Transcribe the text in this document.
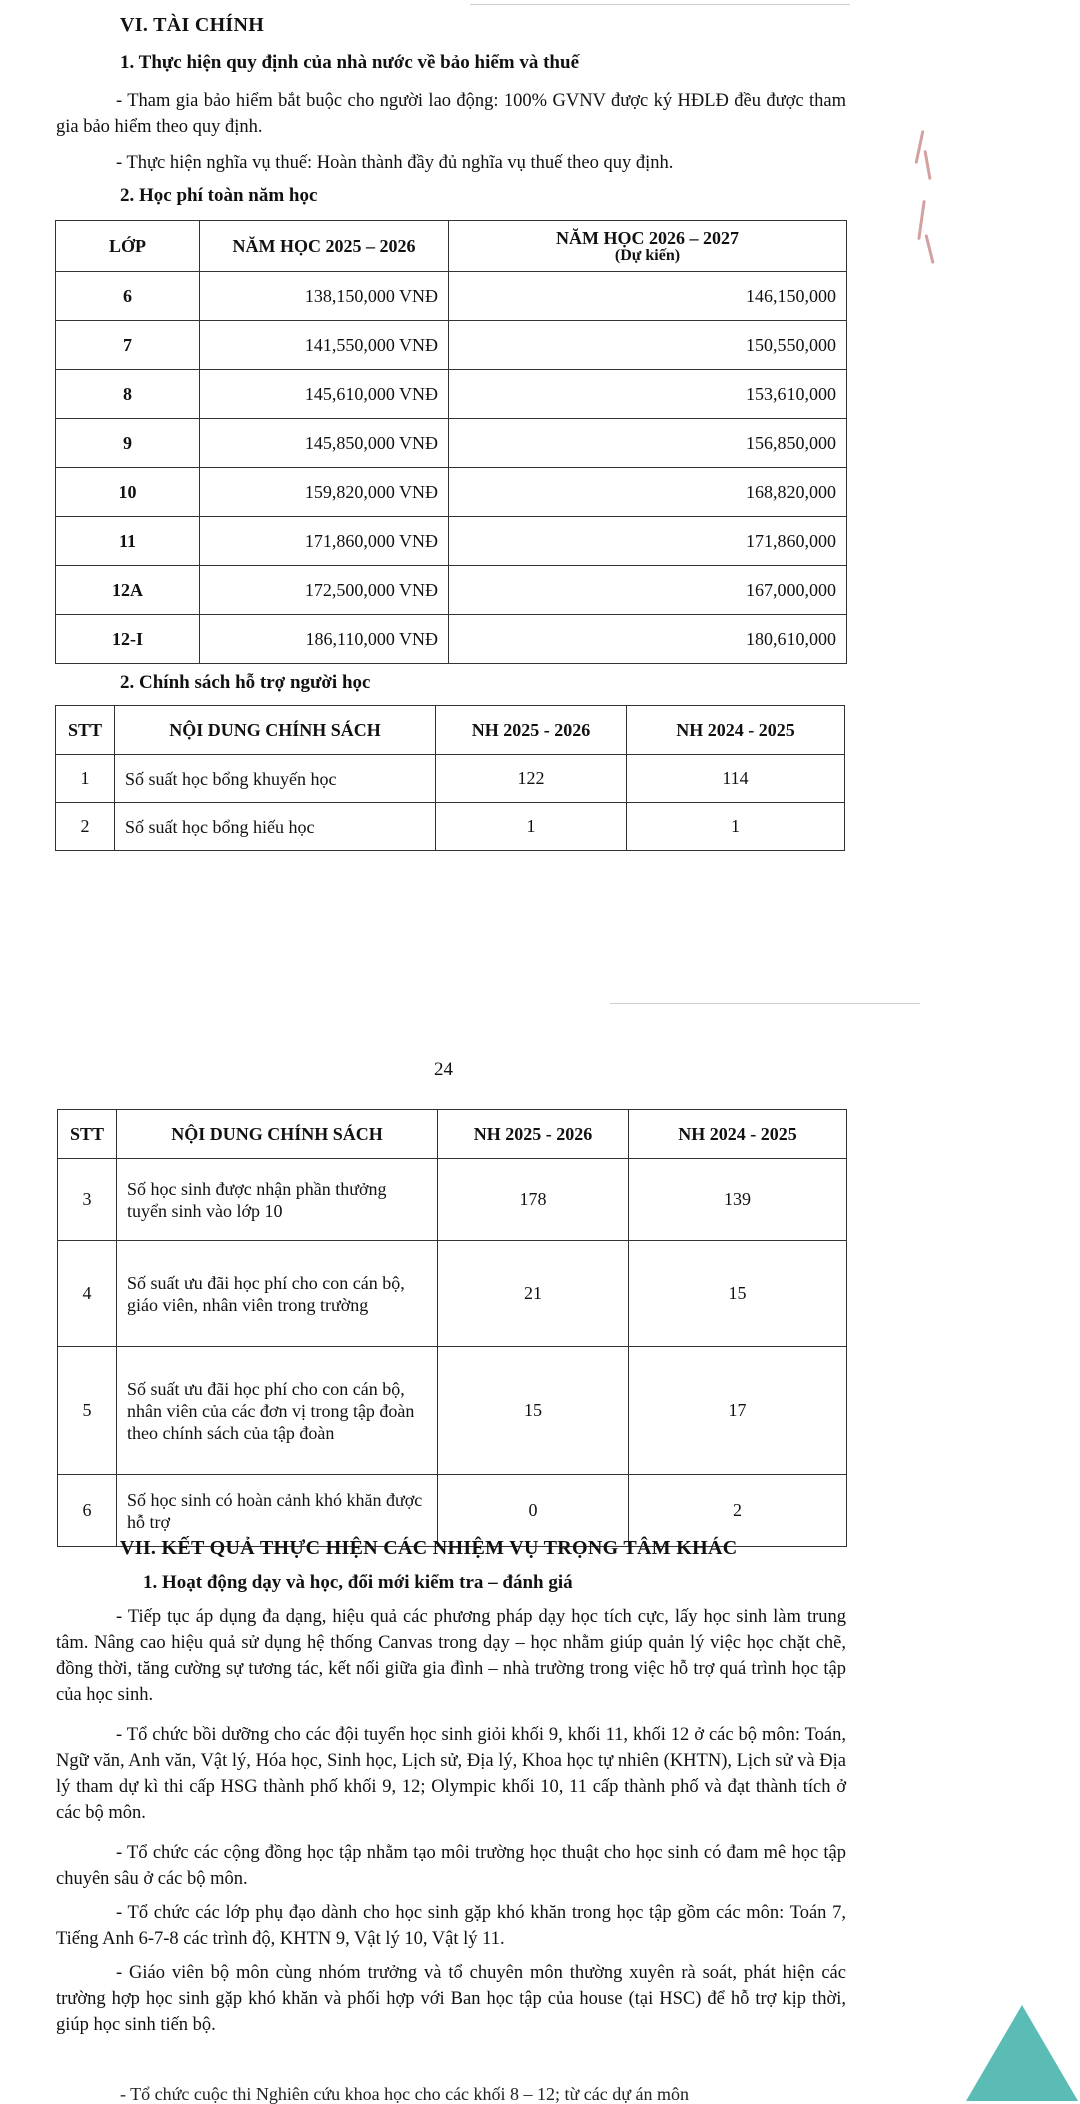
VI. TÀI CHÍNH
1. Thực hiện quy định của nhà nước về bảo hiểm và thuế
- Tham gia bảo hiểm bắt buộc cho người lao động: 100% GVNV được ký HĐLĐ đều được tham gia bảo hiểm theo quy định.
- Thực hiện nghĩa vụ thuế: Hoàn thành đầy đủ nghĩa vụ thuế theo quy định.
2. Học phí toàn năm học
LỚP	NĂM HỌC 2025 – 2026	NĂM HỌC 2026 – 2027
(Dự kiến)

6	138,150,000 VNĐ	146,150,000
7	141,550,000 VNĐ	150,550,000
8	145,610,000 VNĐ	153,610,000
9	145,850,000 VNĐ	156,850,000
10	159,820,000 VNĐ	168,820,000
11	171,860,000 VNĐ	171,860,000
12A	172,500,000 VNĐ	167,000,000
12-I	186,110,000 VNĐ	180,610,000
2. Chính sách hỗ trợ người học
STT	NỘI DUNG CHÍNH SÁCH	NH 2025 - 2026	NH 2024 - 2025
1	Số suất học bổng khuyến học	122	114
2	Số suất học bổng hiếu học	1	1
24
STT	NỘI DUNG CHÍNH SÁCH	NH 2025 - 2026	NH 2024 - 2025
3	Số học sinh được nhận phần thưởng tuyển sinh vào lớp 10	178	139
4	Số suất ưu đãi học phí cho con cán bộ, giáo viên, nhân viên trong trường	21	15
5	Số suất ưu đãi học phí cho con cán bộ, nhân viên của các đơn vị trong tập đoàn theo chính sách của tập đoàn	15	17
6	Số học sinh có hoàn cảnh khó khăn được hỗ trợ	0	2
VII. KẾT QUẢ THỰC HIỆN CÁC NHIỆM VỤ TRỌNG TÂM KHÁC
1. Hoạt động dạy và học, đổi mới kiểm tra – đánh giá
- Tiếp tục áp dụng đa dạng, hiệu quả các phương pháp dạy học tích cực, lấy học sinh làm trung tâm. Nâng cao hiệu quả sử dụng hệ thống Canvas trong dạy – học nhằm giúp quản lý việc học chặt chẽ, đồng thời, tăng cường sự tương tác, kết nối giữa gia đình – nhà trường trong việc hỗ trợ quá trình học tập của học sinh.
- Tổ chức bồi dưỡng cho các đội tuyển học sinh giỏi khối 9, khối 11, khối 12 ở các bộ môn: Toán, Ngữ văn, Anh văn, Vật lý, Hóa học, Sinh học, Lịch sử, Địa lý, Khoa học tự nhiên (KHTN), Lịch sử và Địa lý tham dự kì thi cấp HSG thành phố khối 9, 12; Olympic khối 10, 11 cấp thành phố và đạt thành tích ở các bộ môn.
- Tổ chức các cộng đồng học tập nhằm tạo môi trường học thuật cho học sinh có đam mê học tập chuyên sâu ở các bộ môn.
- Tổ chức các lớp phụ đạo dành cho học sinh gặp khó khăn trong học tập gồm các môn: Toán 7, Tiếng Anh 6-7-8 các trình độ, KHTN 9, Vật lý 10, Vật lý 11.
- Giáo viên bộ môn cùng nhóm trưởng và tổ chuyên môn thường xuyên rà soát, phát hiện các trường hợp học sinh gặp khó khăn và phối hợp với Ban học tập của house (tại HSC) để hỗ trợ kịp thời, giúp học sinh tiến bộ.
- Tổ chức cuộc thi Nghiên cứu khoa học cho các khối 8 – 12; từ các dự án môn
